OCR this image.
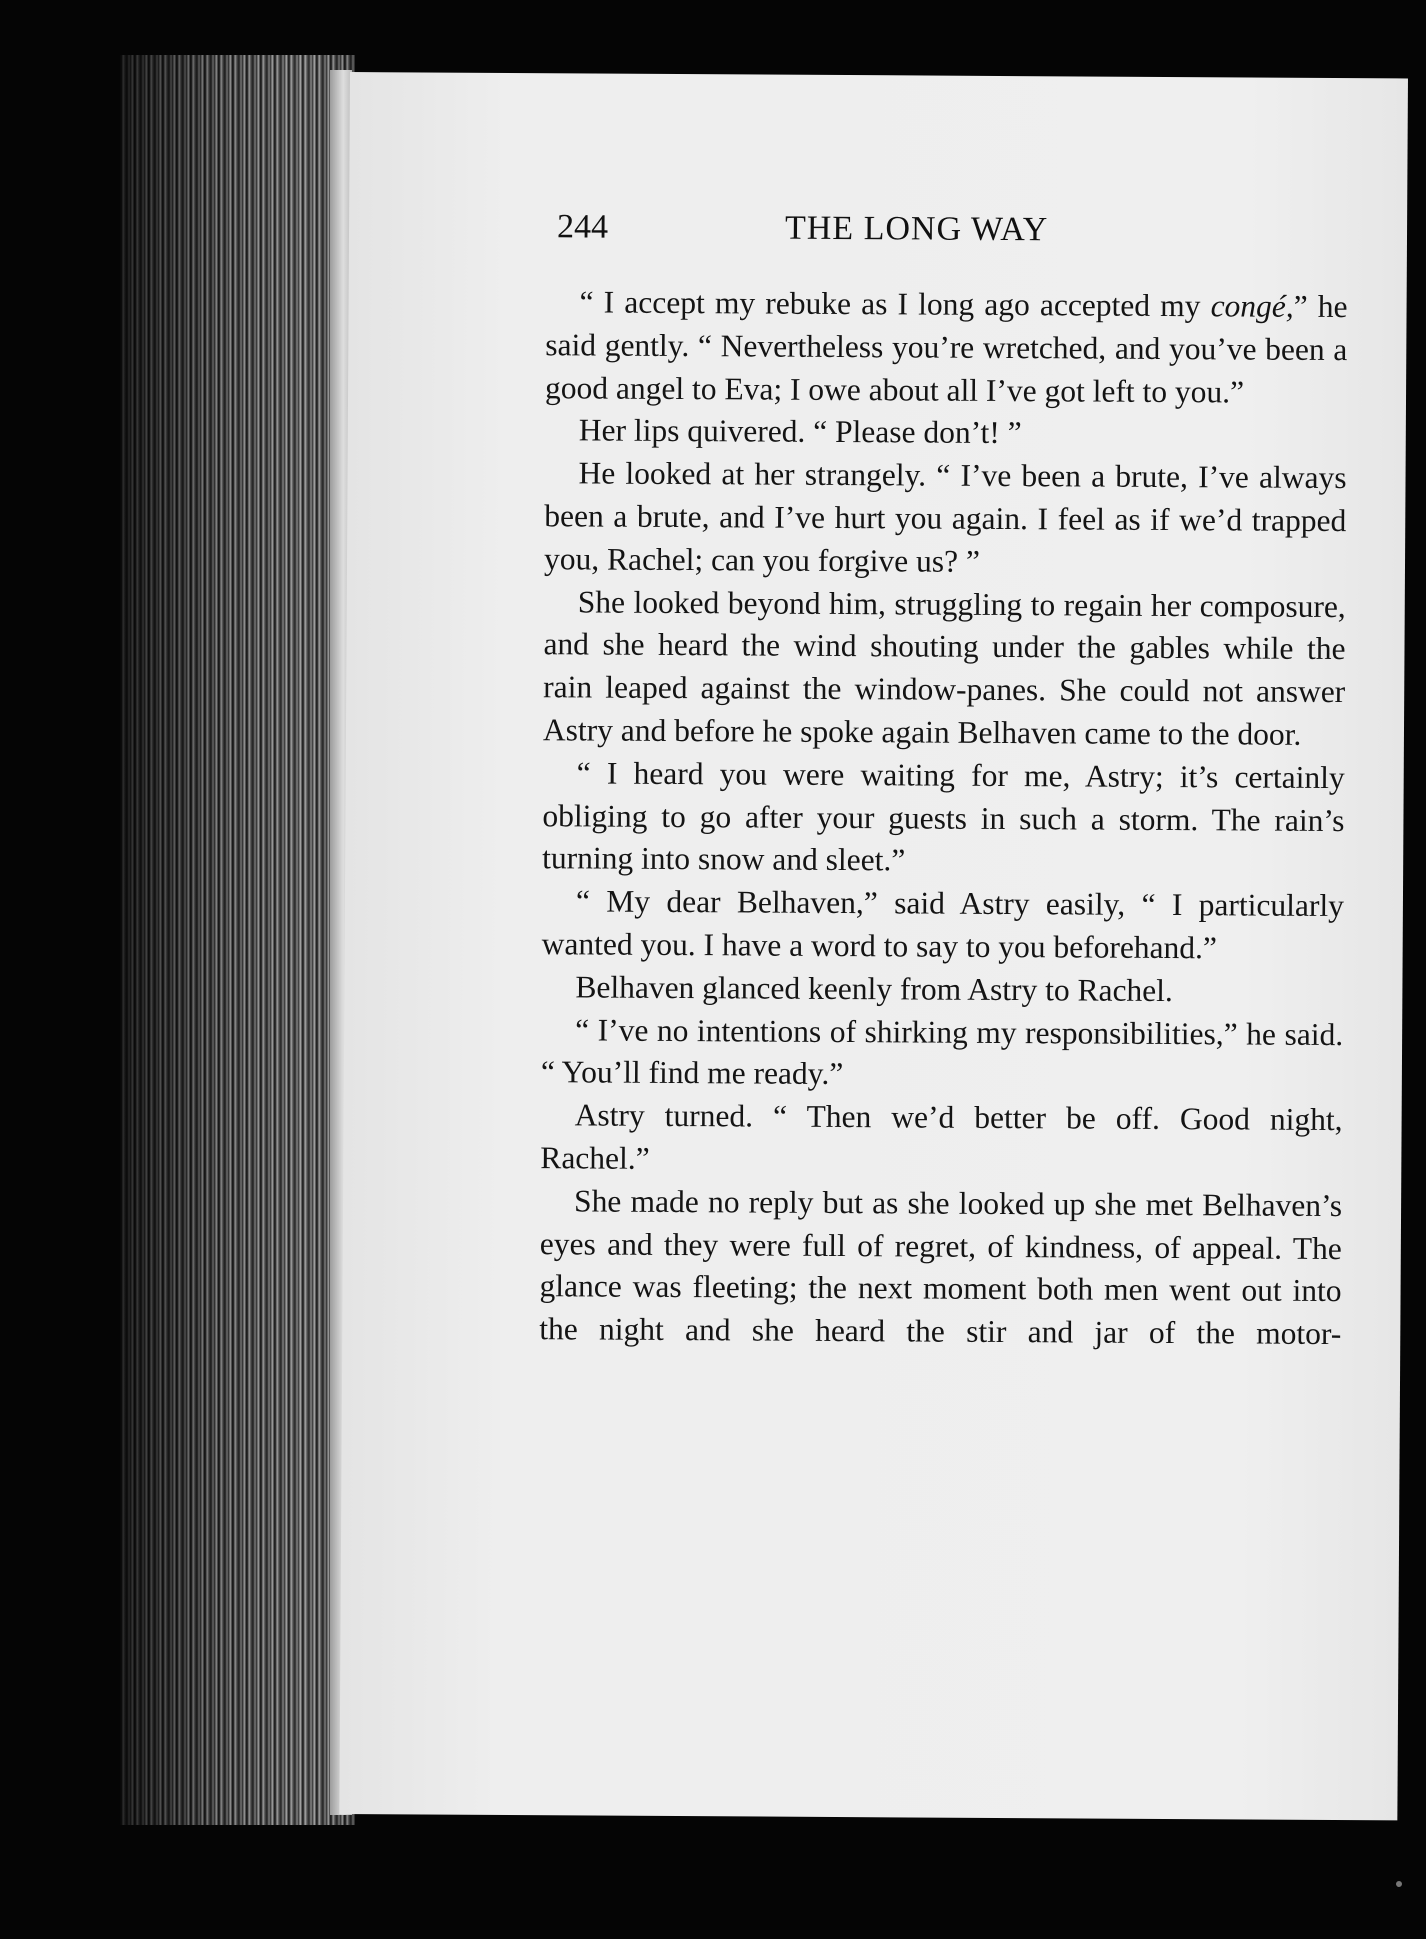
244	THE LONG WAY

“ I accept my rebuke as I long ago accepted my congé,” he said gently. “ Nevertheless you’re wretched, and you’ve been a good angel to Eva; I owe about all I’ve got left to you.”

Her lips quivered. “ Please don’t! ”

He looked at her strangely. “ I’ve been a brute, I’ve always been a brute, and I’ve hurt you again. I feel as if we’d trapped you, Rachel; can you forgive us? ”

She looked beyond him, struggling to regain her composure, and she heard the wind shouting under the gables while the rain leaped against the window-panes. She could not answer Astry and before he spoke again Belhaven came to the door.

“ I heard you were waiting for me, Astry; it’s certainly obliging to go after your guests in such a storm. The rain’s turning into snow and sleet.”

“ My dear Belhaven,” said Astry easily, “ I particularly wanted you. I have a word to say to you beforehand.”

Belhaven glanced keenly from Astry to Rachel.

“ I’ve no intentions of shirking my responsibilities,” he said. “ You’ll find me ready.”

Astry turned. “ Then we’d better be off. Good night, Rachel.”

She made no reply but as she looked up she met Belhaven’s eyes and they were full of regret, of kindness, of appeal. The glance was fleeting; the next moment both men went out into the night and she heard the stir and jar of the motor-
